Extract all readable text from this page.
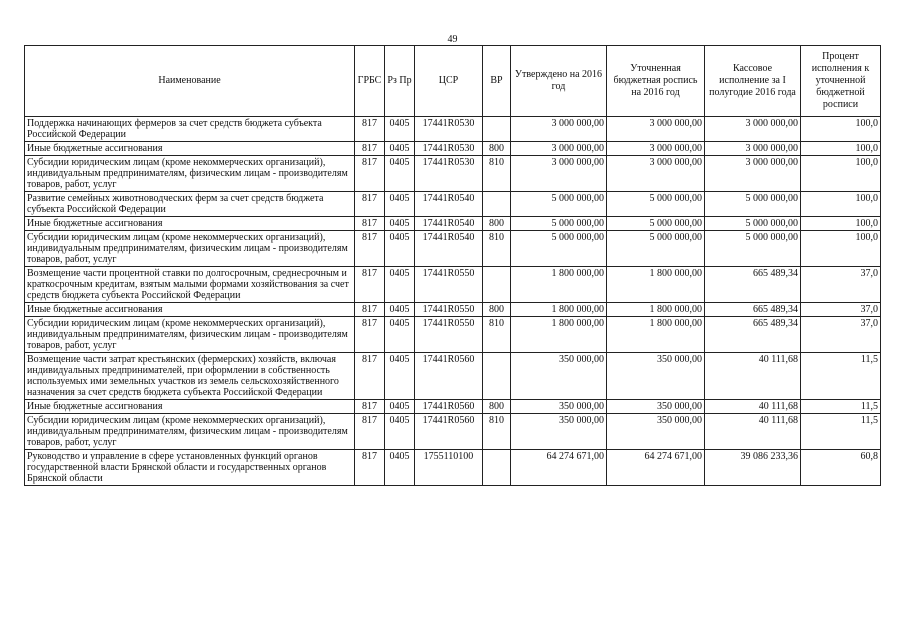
49
Наименование	ГРБС	Рз Пр	ЦСР	ВР	Утверждено на 2016 год	Уточненная бюджетная роспись на 2016 год	Кассовое исполнение за I полугодие 2016 года	Процент исполнения к уточненной бюджетной росписи
Поддержка начинающих фермеров за счет средств бюджета субъекта Российской Федерации	817	0405	17441R0530		3 000 000,00	3 000 000,00	3 000 000,00	100,0
Иные бюджетные ассигнования	817	0405	17441R0530	800	3 000 000,00	3 000 000,00	3 000 000,00	100,0
Субсидии юридическим лицам (кроме некоммерческих организаций), индивидуальным предпринимателям, физическим лицам - производителям товаров, работ, услуг	817	0405	17441R0530	810	3 000 000,00	3 000 000,00	3 000 000,00	100,0
Развитие семейных животноводческих ферм за счет средств бюджета субъекта Российской Федерации	817	0405	17441R0540		5 000 000,00	5 000 000,00	5 000 000,00	100,0
Иные бюджетные ассигнования	817	0405	17441R0540	800	5 000 000,00	5 000 000,00	5 000 000,00	100,0
Субсидии юридическим лицам (кроме некоммерческих организаций), индивидуальным предпринимателям, физическим лицам - производителям товаров, работ, услуг	817	0405	17441R0540	810	5 000 000,00	5 000 000,00	5 000 000,00	100,0
Возмещение части процентной ставки по долгосрочным, среднесрочным и краткосрочным кредитам, взятым малыми формами хозяйствования за счет средств бюджета субъекта Российской Федерации	817	0405	17441R0550		1 800 000,00	1 800 000,00	665 489,34	37,0
Иные бюджетные ассигнования	817	0405	17441R0550	800	1 800 000,00	1 800 000,00	665 489,34	37,0
Субсидии юридическим лицам (кроме некоммерческих организаций), индивидуальным предпринимателям, физическим лицам - производителям товаров, работ, услуг	817	0405	17441R0550	810	1 800 000,00	1 800 000,00	665 489,34	37,0
Возмещение части затрат крестьянских (фермерских) хозяйств, включая индивидуальных предпринимателей, при оформлении в собственность используемых ими земельных участков из земель сельскохозяйственного назначения за счет средств бюджета субъекта Российской Федерации	817	0405	17441R0560		350 000,00	350 000,00	40 111,68	11,5
Иные бюджетные ассигнования	817	0405	17441R0560	800	350 000,00	350 000,00	40 111,68	11,5
Субсидии юридическим лицам (кроме некоммерческих организаций), индивидуальным предпринимателям, физическим лицам - производителям товаров, работ, услуг	817	0405	17441R0560	810	350 000,00	350 000,00	40 111,68	11,5
Руководство и управление в сфере установленных функций органов государственной власти Брянской области и государственных органов Брянской области	817	0405	1755110100		64 274 671,00	64 274 671,00	39 086 233,36	60,8
